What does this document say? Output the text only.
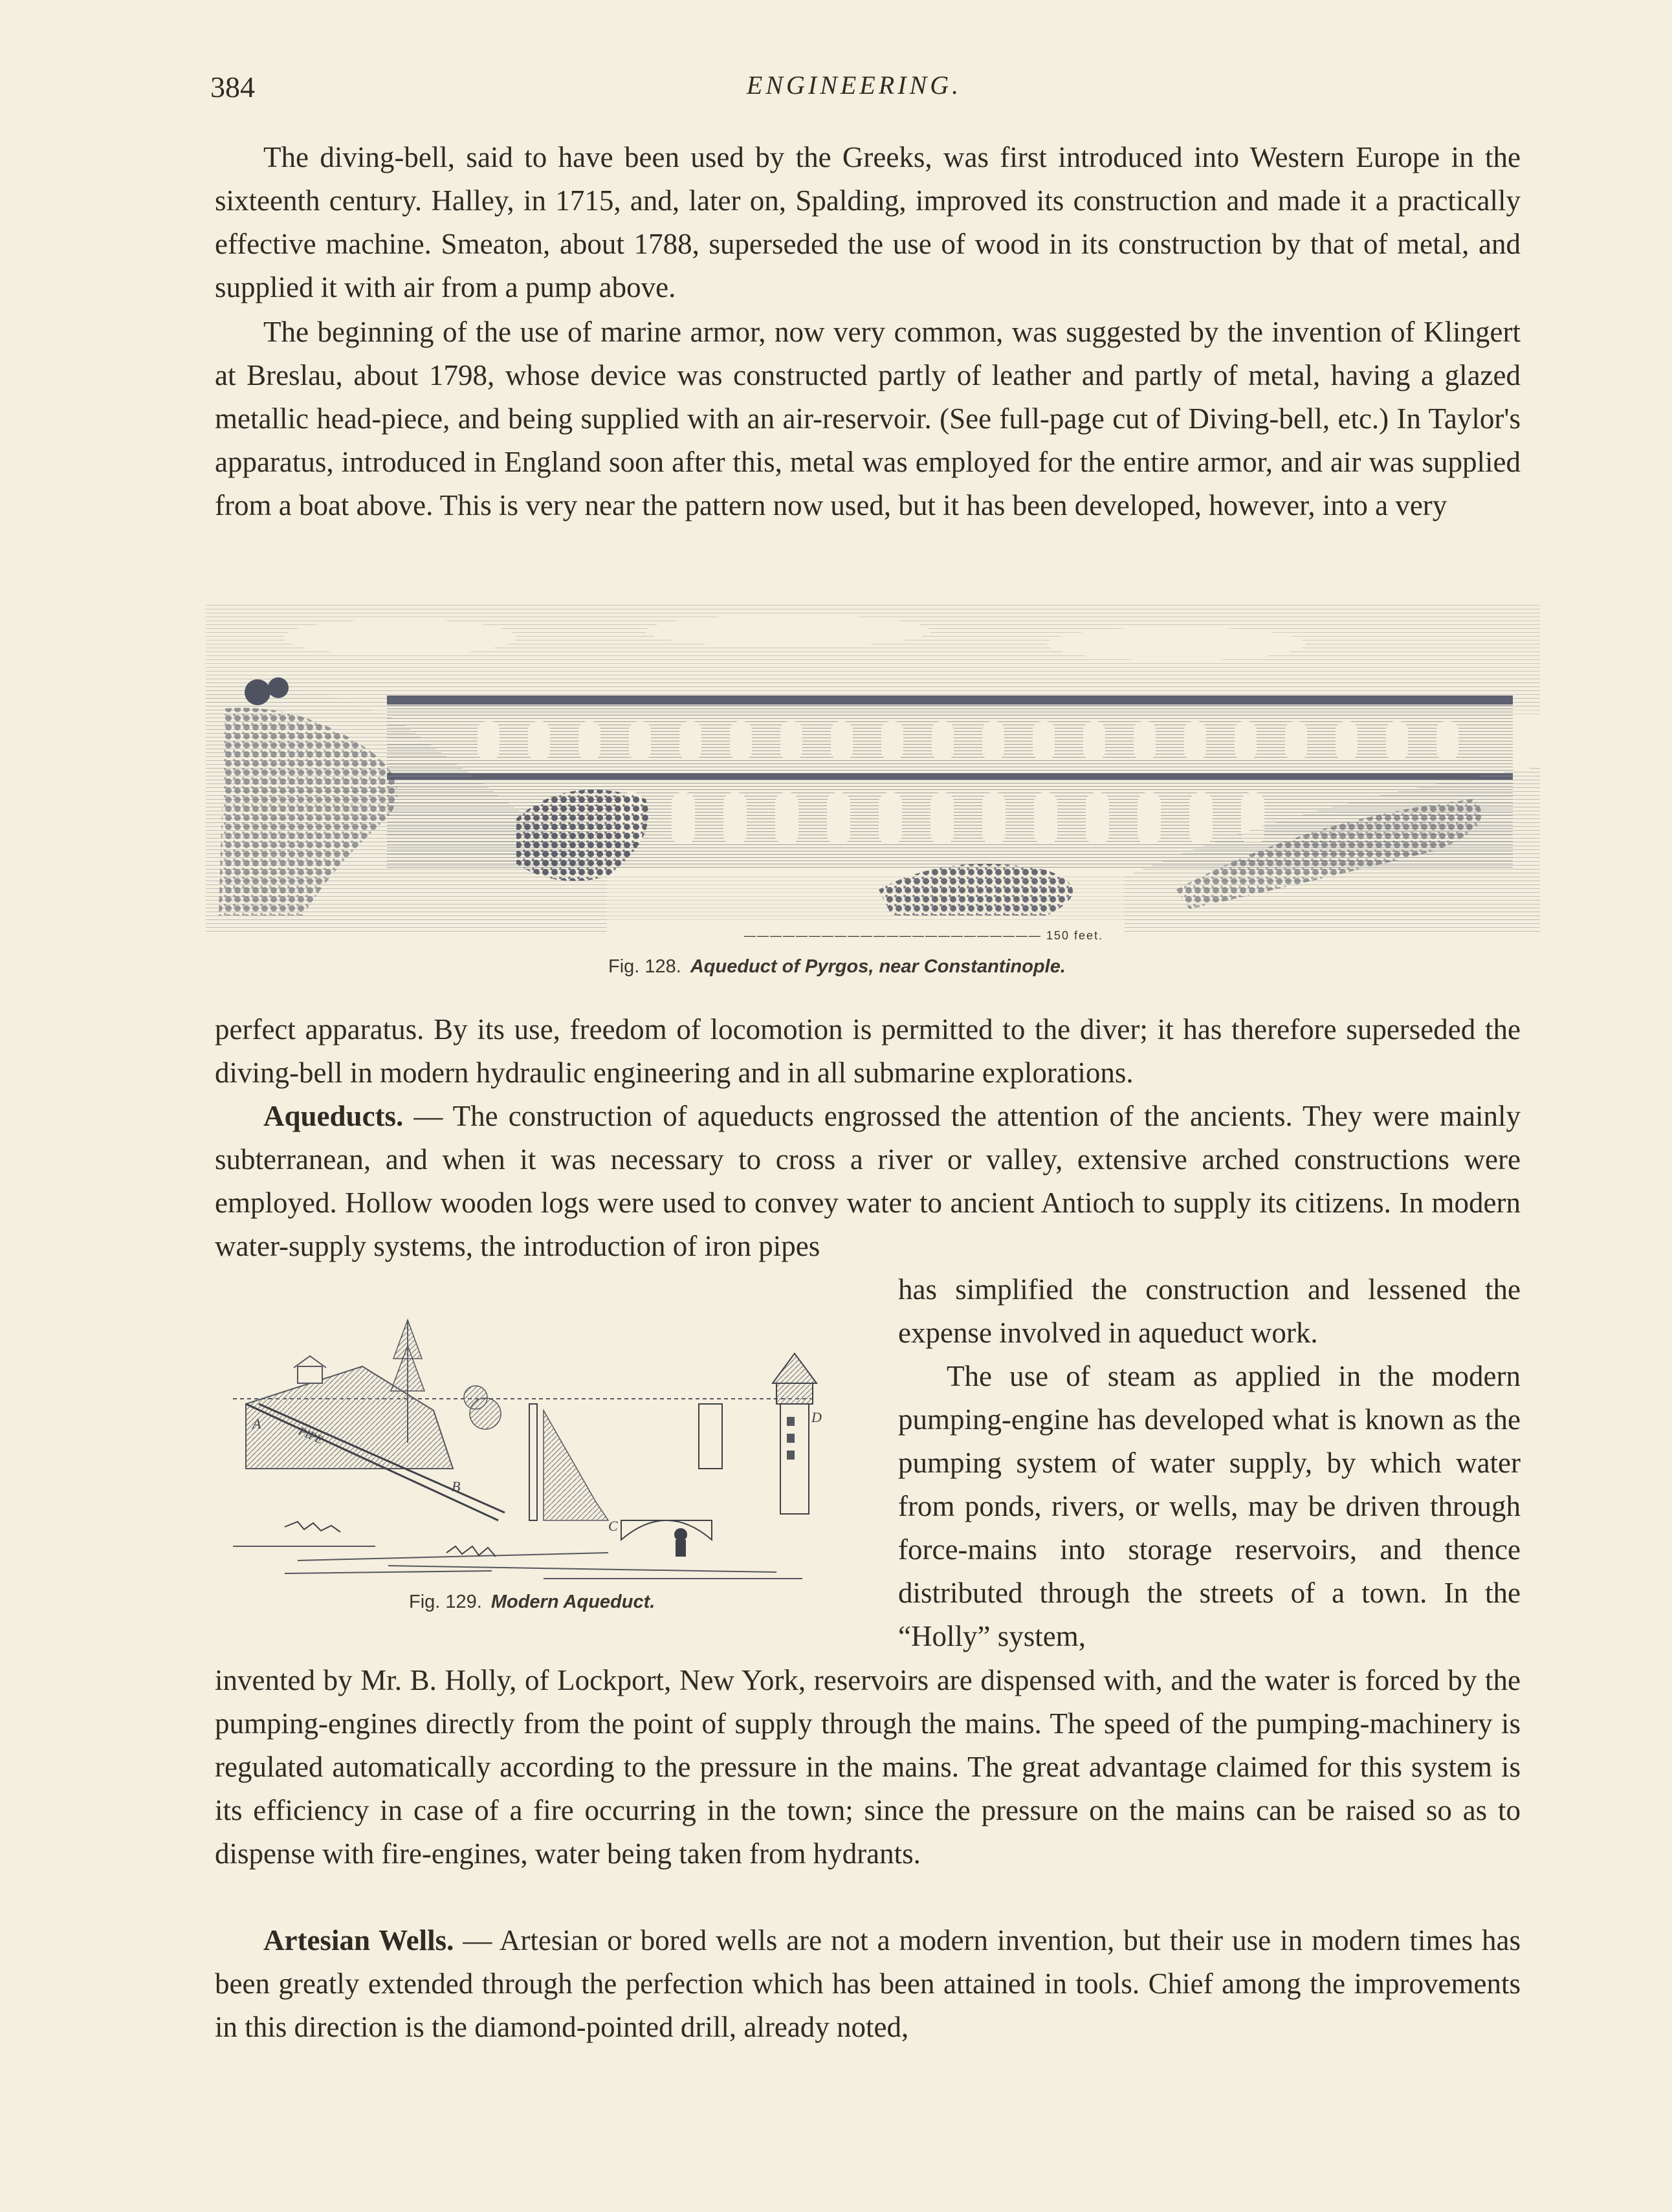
384	ENGINEERING.

The diving-bell, said to have been used by the Greeks, was first introduced into Western Europe in the sixteenth century. Halley, in 1715, and, later on, Spalding, improved its construction and made it a practically effective machine. Smeaton, about 1788, superseded the use of wood in its construction by that of metal, and supplied it with air from a pump above.

The beginning of the use of marine armor, now very common, was suggested by the invention of Klingert at Breslau, about 1798, whose device was constructed partly of leather and partly of metal, having a glazed metallic head-piece, and being supplied with an air-reservoir. (See full-page cut of Diving-bell, etc.) In Taylor's apparatus, introduced in England soon after this, metal was employed for the entire armor, and air was supplied from a boat above. This is very near the pattern now used, but it has been developed, however, into a very

——————————————————————— 150 feet.
Fig. 128. Aqueduct of Pyrgos, near Constantinople.

perfect apparatus. By its use, freedom of locomotion is permitted to the diver; it has therefore superseded the diving-bell in modern hydraulic engineering and in all submarine explorations.

Aqueducts. — The construction of aqueducts engrossed the attention of the ancients. They were mainly subterranean, and when it was necessary to cross a river or valley, extensive arched constructions were employed. Hollow wooden logs were used to convey water to ancient Antioch to supply its citizens. In modern water-supply systems, the introduction of iron pipes

A
PIPE
B
C
D
Fig. 129. Modern Aqueduct.

has simplified the construction and lessened the expense involved in aqueduct work.

The use of steam as applied in the modern pumping-engine has developed what is known as the pumping system of water supply, by which water from ponds, rivers, or wells, may be driven through force-mains into storage reservoirs, and thence distributed through the streets of a town. In the “Holly” system,

invented by Mr. B. Holly, of Lockport, New York, reservoirs are dispensed with, and the water is forced by the pumping-engines directly from the point of supply through the mains. The speed of the pumping-machinery is regulated automatically according to the pressure in the mains. The great advantage claimed for this system is its efficiency in case of a fire occurring in the town; since the pressure on the mains can be raised so as to dispense with fire-engines, water being taken from hydrants.

Artesian Wells. — Artesian or bored wells are not a modern invention, but their use in modern times has been greatly extended through the perfection which has been attained in tools. Chief among the improvements in this direction is the diamond-pointed drill, already noted,
